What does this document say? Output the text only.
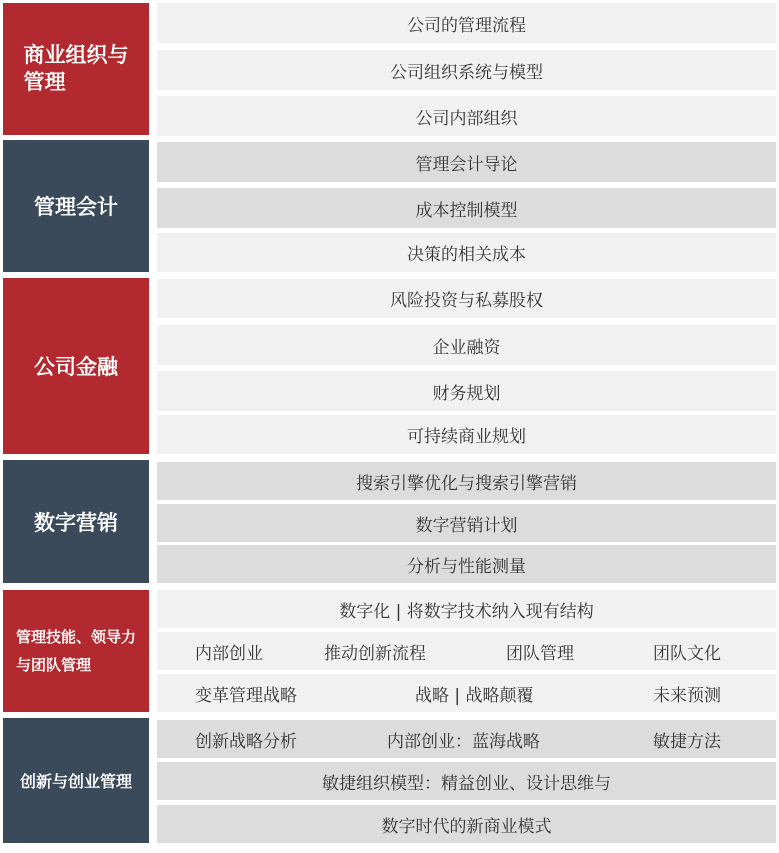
商业组织与
管理
公司的管理流程
公司组织系统与模型
公司内部组织
管理会计
管理会计导论
成本控制模型
决策的相关成本
公司金融
风险投资与私募股权
企业融资
财务规划
可持续商业规划
数字营销
搜索引擎优化与搜索引擎营销
数字营销计划
分析与性能测量
管理技能、领导力
与团队管理
数字化 | 将数字技术纳入现有结构
内部创业	推动创新流程	团队管理	团队文化
变革管理战略	战略 | 战略颠覆	未来预测
创新与创业管理
创新战略分析	内部创业：蓝海战略	敏捷方法
敏捷组织模型：精益创业、设计思维与
数字时代的新商业模式
